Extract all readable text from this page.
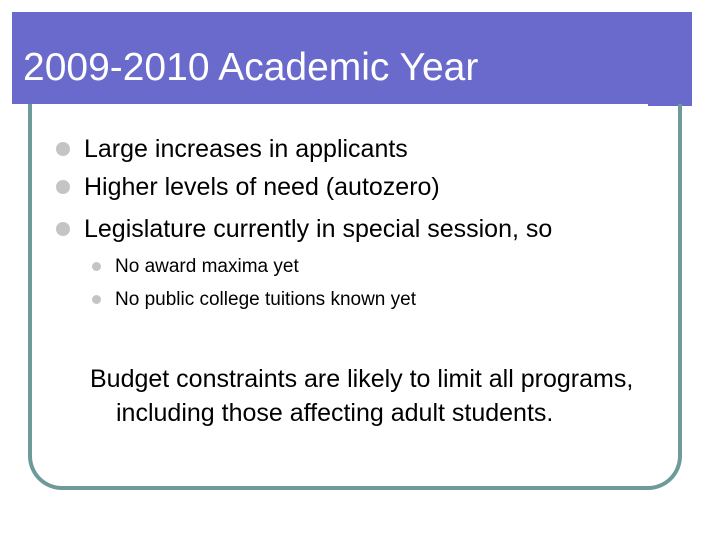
2009-2010 Academic Year
Large increases in applicants
Higher levels of need (autozero)
Legislature currently in special session, so
No award maxima yet
No public college tuitions known yet

Budget constraints are likely to limit all programs, including those affecting adult students.
